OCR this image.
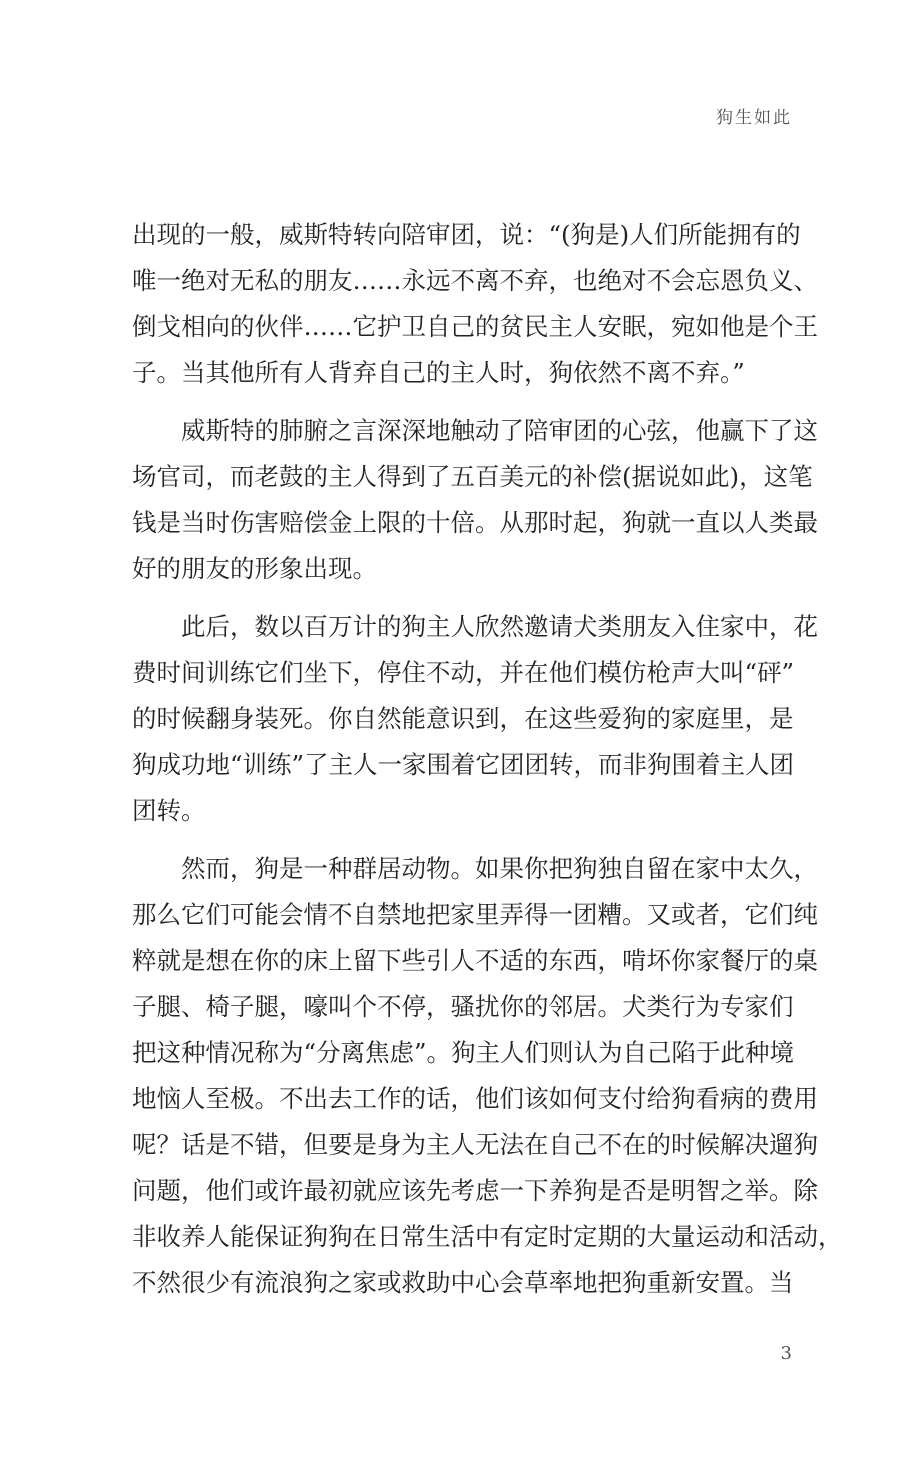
狗生如此
出现的一般，威斯特转向陪审团，说：“(狗是)人们所能拥有的
唯一绝对无私的朋友……永远不离不弃，也绝对不会忘恩负义、
倒戈相向的伙伴……它护卫自己的贫民主人安眠，宛如他是个王
子。当其他所有人背弃自己的主人时，狗依然不离不弃。”
　　威斯特的肺腑之言深深地触动了陪审团的心弦，他赢下了这
场官司，而老鼓的主人得到了五百美元的补偿(据说如此)，这笔
钱是当时伤害赔偿金上限的十倍。从那时起，狗就一直以人类最
好的朋友的形象出现。
　　此后，数以百万计的狗主人欣然邀请犬类朋友入住家中，花
费时间训练它们坐下，停住不动，并在他们模仿枪声大叫“砰”
的时候翻身装死。你自然能意识到，在这些爱狗的家庭里，是
狗成功地“训练”了主人一家围着它团团转，而非狗围着主人团
团转。
　　然而，狗是一种群居动物。如果你把狗独自留在家中太久，
那么它们可能会情不自禁地把家里弄得一团糟。又或者，它们纯
粹就是想在你的床上留下些引人不适的东西，啃坏你家餐厅的桌
子腿、椅子腿，嚎叫个不停，骚扰你的邻居。犬类行为专家们
把这种情况称为“分离焦虑”。狗主人们则认为自己陷于此种境
地恼人至极。不出去工作的话，他们该如何支付给狗看病的费用
呢？话是不错，但要是身为主人无法在自己不在的时候解决遛狗
问题，他们或许最初就应该先考虑一下养狗是否是明智之举。除
非收养人能保证狗狗在日常生活中有定时定期的大量运动和活动，
不然很少有流浪狗之家或救助中心会草率地把狗重新安置。当
3
